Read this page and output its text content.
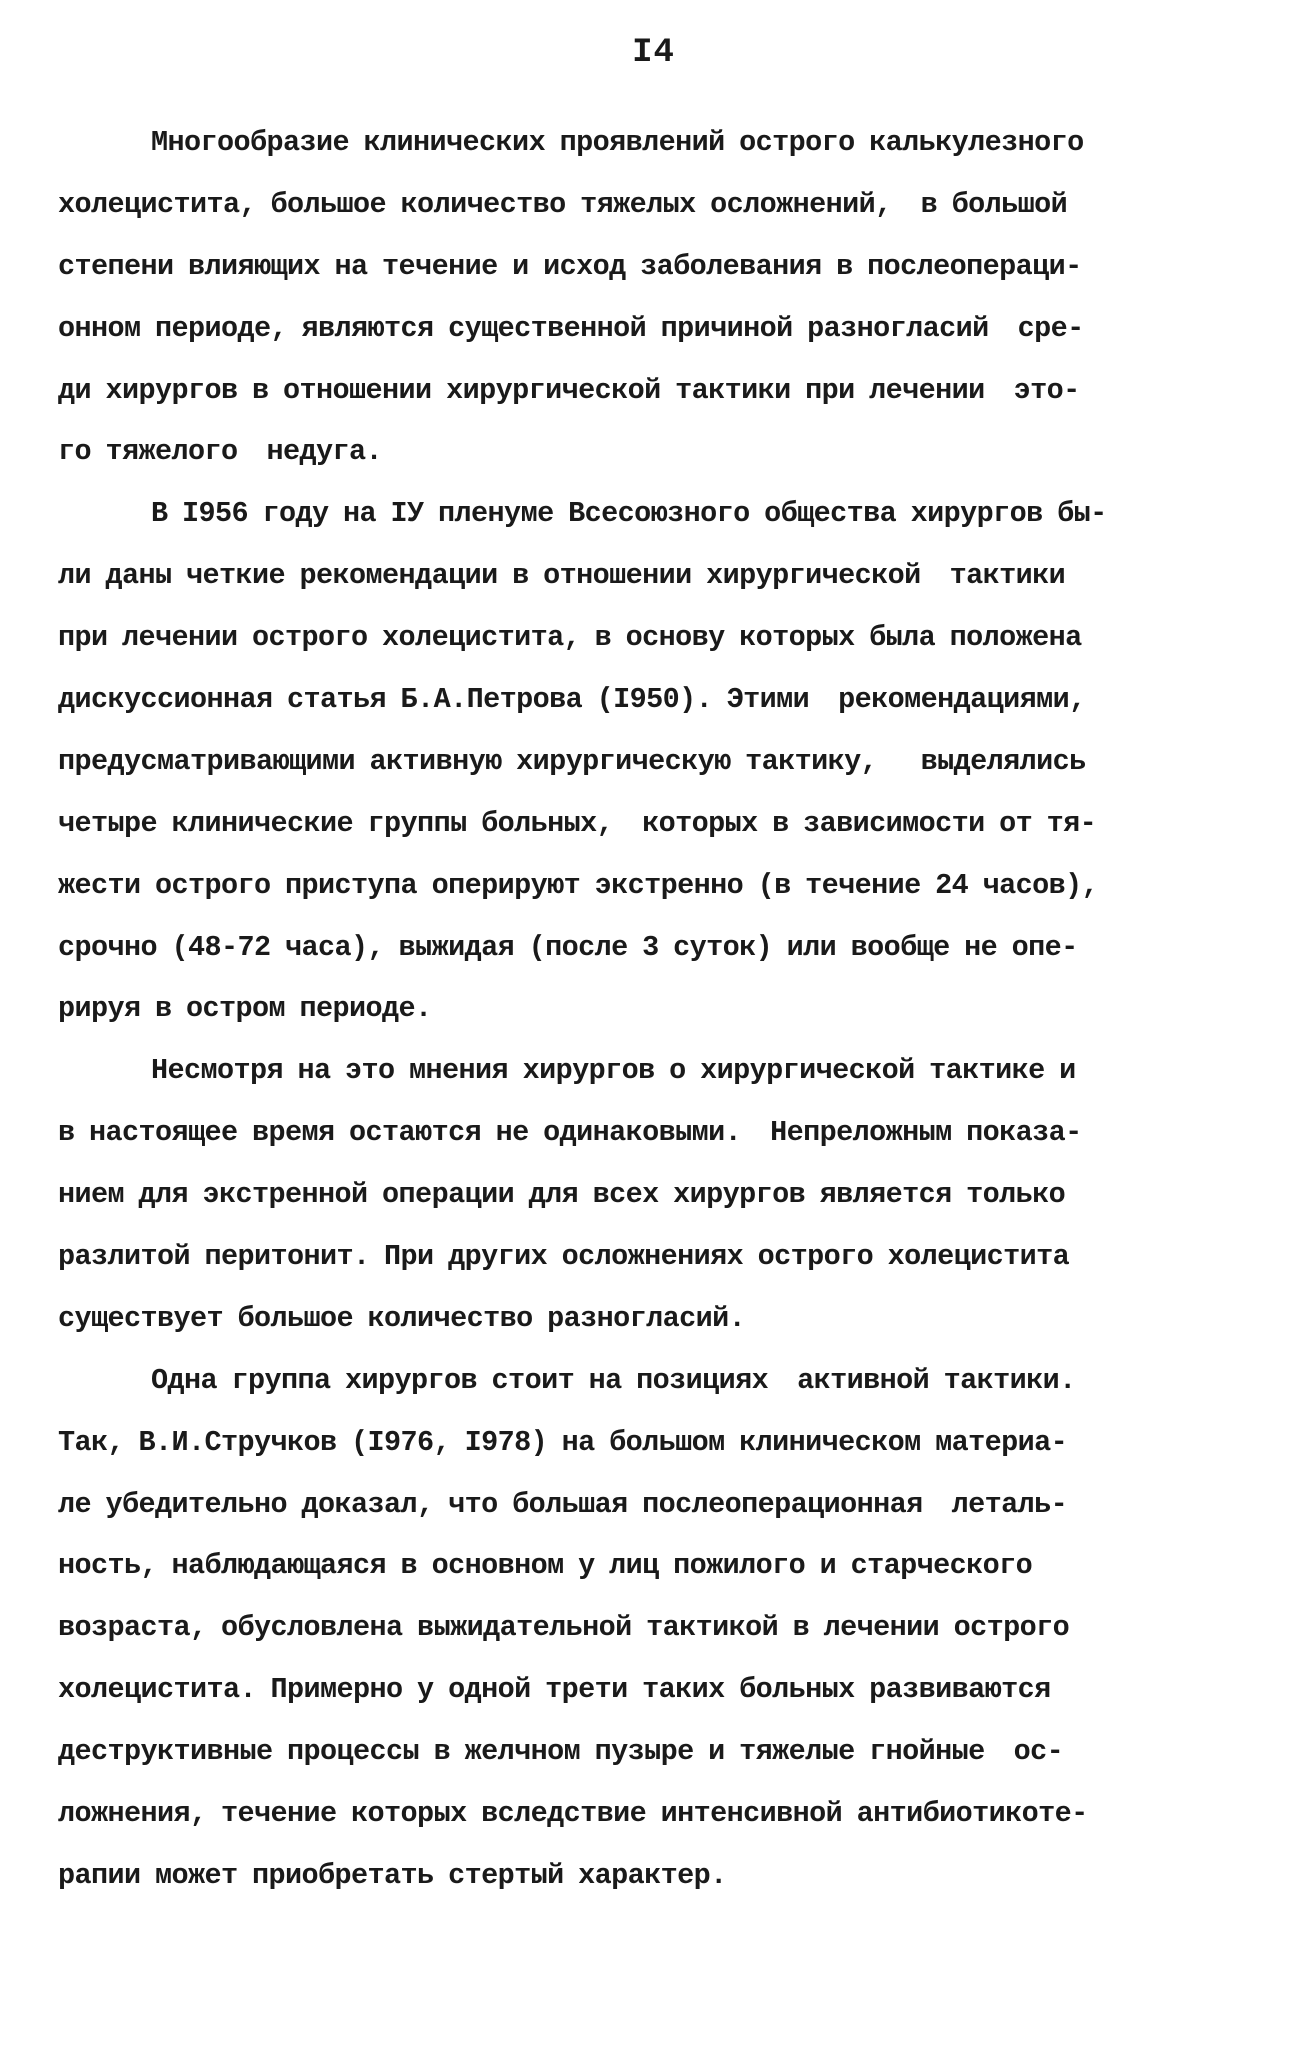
I4
Многообразие клинических проявлений острого калькулезного
холецистита, большое количество тяжелых осложнений,  в большой
степени влияющих на течение и исход заболевания в послеопераци-
онном периоде, являются существенной причиной разногласий  сре-
ди хирургов в отношении хирургической тактики при лечении  это-
го тяжелого  недуга.
В I956 году на IУ пленуме Всесоюзного общества хирургов бы-
ли даны четкие рекомендации в отношении хирургической  тактики
при лечении острого холецистита, в основу которых была положена
дискуссионная статья Б.А.Петрова (I950). Этими  рекомендациями,
предусматривающими активную хирургическую тактику,   выделялись
четыре клинические группы больных,  которых в зависимости от тя-
жести острого приступа оперируют экстренно (в течение 24 часов),
срочно (48-72 часа), выжидая (после 3 суток) или вообще не опе-
рируя в остром периоде.
Несмотря на это мнения хирургов о хирургической тактике и
в настоящее время остаются не одинаковыми.  Непреложным показа-
нием для экстренной операции для всех хирургов является только
разлитой перитонит. При других осложнениях острого холецистита
существует большое количество разногласий.
Одна группа хирургов стоит на позициях  активной тактики.
Так, В.И.Стручков (I976, I978) на большом клиническом материа-
ле убедительно доказал, что большая послеоперационная  леталь-
ность, наблюдающаяся в основном у лиц пожилого и старческого
возраста, обусловлена выжидательной тактикой в лечении острого
холецистита. Примерно у одной трети таких больных развиваются
деструктивные процессы в желчном пузыре и тяжелые гнойные  ос-
ложнения, течение которых вследствие интенсивной антибиотикоте-
рапии может приобретать стертый характер.
